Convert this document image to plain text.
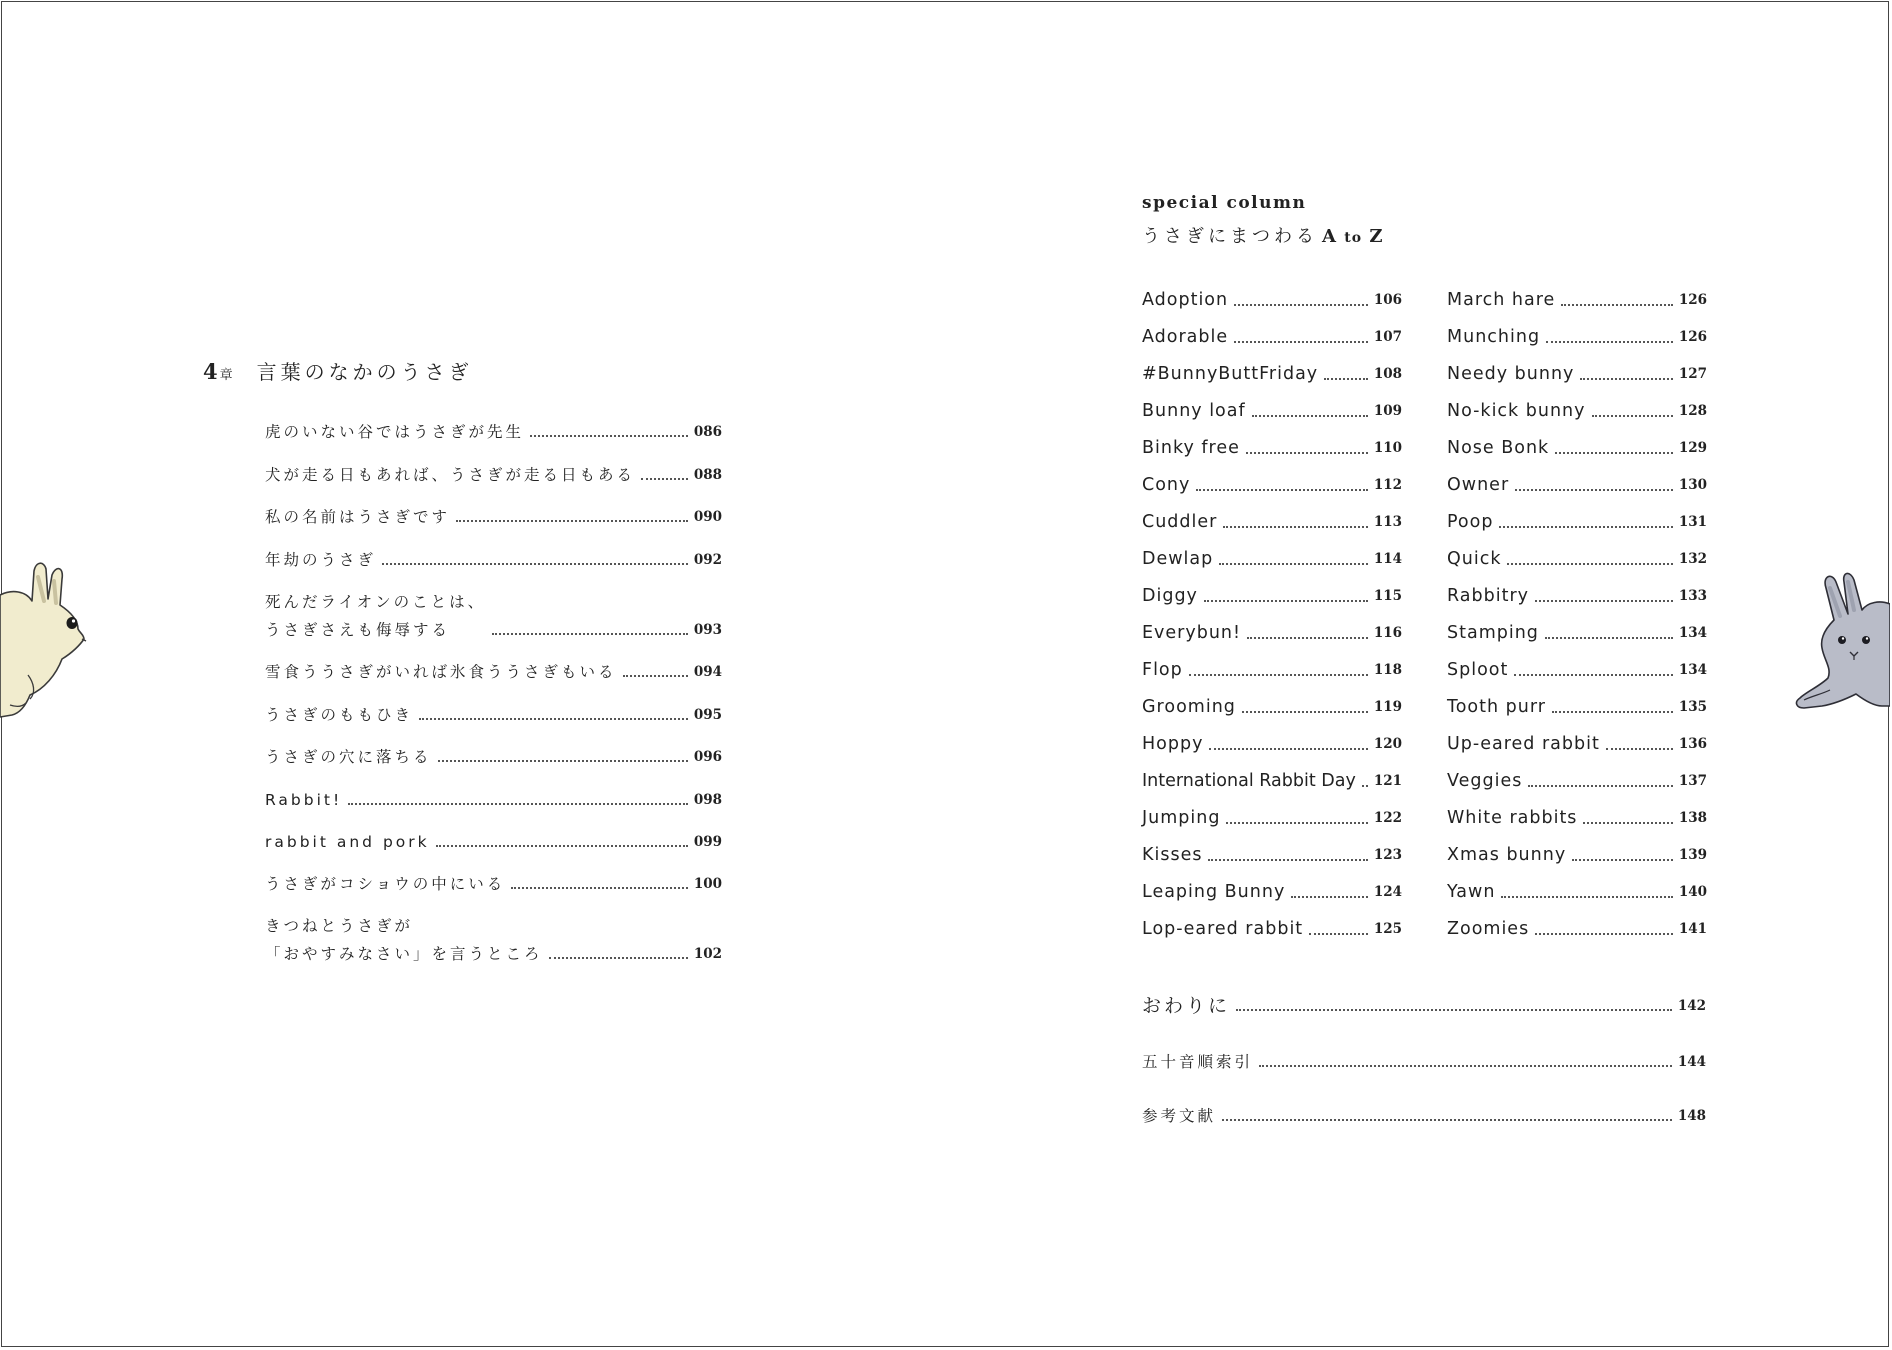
4 章 言葉のなかのうさぎ
虎のいない谷ではうさぎが先生	086
犬が走る日もあれば、うさぎが走る日もある	088
私の名前はうさぎです	090
年劫のうさぎ	092
死んだライオンのことは、
うさぎさえも侮辱する	093
雪食ううさぎがいれば氷食ううさぎもいる	094
うさぎのももひき	095
うさぎの穴に落ちる	096
Rabbit!	098
rabbit and pork	099
うさぎがコショウの中にいる	100
きつねとうさぎが
「おやすみなさい」を言うところ	102
special column
うさぎにまつわる A to Z
Adoption	106
Adorable	107
#BunnyButtFriday	108
Bunny loaf	109
Binky free	110
Cony	112
Cuddler	113
Dewlap	114
Diggy	115
Everybun!	116
Flop	118
Grooming	119
Hoppy	120
International Rabbit Day 121
Jumping	122
Kisses	123
Leaping Bunny	124
Lop-eared rabbit	125
March hare	126
Munching	126
Needy bunny	127
No-kick bunny	128
Nose Bonk	129
Owner	130
Poop	131
Quick	132
Rabbitry	133
Stamping	134
Sploot	134
Tooth purr	135
Up-eared rabbit	136
Veggies	137
White rabbits	138
Xmas bunny	139
Yawn	140
Zoomies	141
おわりに	142
五十音順索引	144
参考文献	148
